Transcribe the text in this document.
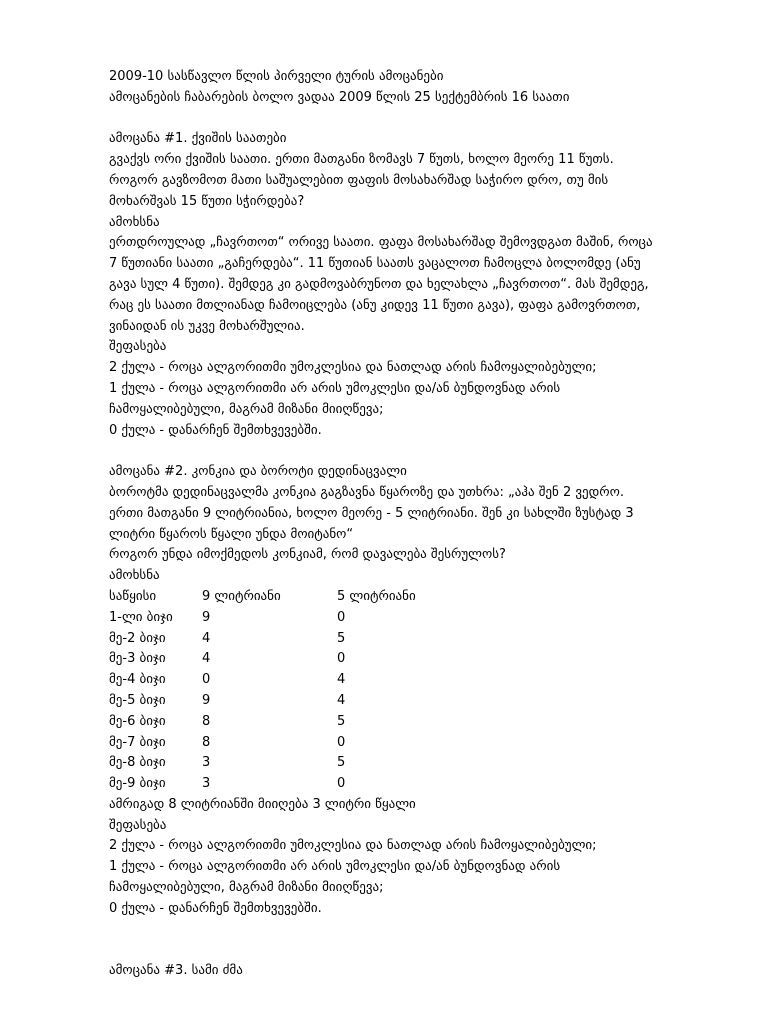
2009-10 სასწავლო წლის პირველი ტურის ამოცანები
ამოცანების ჩაბარების ბოლო ვადაა 2009 წლის 25 სექტემბრის 16 საათი
ამოცანა #1. ქვიშის საათები
გვაქვს ორი ქვიშის საათი. ერთი მათგანი ზომავს 7 წუთს, ხოლო მეორე 11 წუთს.
როგორ გავზომოთ მათი საშუალებით ფაფის მოსახარშად საჭირო დრო, თუ მის
მოხარშვას 15 წუთი სჭირდება?
ამოხსნა
ერთდროულად „ჩავრთოთ“ ორივე საათი. ფაფა მოსახარშად შემოვდგათ მაშინ, როცა
7 წუთიანი საათი „გაჩერდება“. 11 წუთიან საათს ვაცალოთ ჩამოცლა ბოლომდე (ანუ
გავა სულ 4 წუთი). შემდეგ კი გადმოვაბრუნოთ და ხელახლა „ჩავრთოთ“. მას შემდეგ,
რაც ეს საათი მთლიანად ჩამოიცლება (ანუ კიდევ 11 წუთი გავა), ფაფა გამოვრთოთ,
ვინაიდან ის უკვე მოხარშულია.
შეფასება
2 ქულა - როცა ალგორითმი უმოკლესია და ნათლად არის ჩამოყალიბებული;
1 ქულა - როცა ალგორითმი არ არის უმოკლესი და/ან ბუნდოვნად არის
ჩამოყალიბებული, მაგრამ მიზანი მიიღწევა;
0 ქულა - დანარჩენ შემთხვევებში.
ამოცანა #2. კონკია და ბოროტი დედინაცვალი
ბოროტმა დედინაცვალმა კონკია გაგზავნა წყაროზე და უთხრა: „აჰა შენ 2 ვედრო.
ერთი მათგანი 9 ლიტრიანია, ხოლო მეორე - 5 ლიტრიანი. შენ კი სახლში ზუსტად 3
ლიტრი წყაროს წყალი უნდა მოიტანო“
როგორ უნდა იმოქმედოს კონკიამ, რომ დავალება შესრულოს?
ამოხსნა
საწყისი	9 ლიტრიანი	5 ლიტრიანი
1-ლი ბიჯი	9	0
მე-2 ბიჯი	4	5
მე-3 ბიჯი	4	0
მე-4 ბიჯი	0	4
მე-5 ბიჯი	9	4
მე-6 ბიჯი	8	5
მე-7 ბიჯი	8	0
მე-8 ბიჯი	3	5
მე-9 ბიჯი	3	0
ამრიგად 8 ლიტრიანში მიიღება 3 ლიტრი წყალი
შეფასება
2 ქულა - როცა ალგორითმი უმოკლესია და ნათლად არის ჩამოყალიბებული;
1 ქულა - როცა ალგორითმი არ არის უმოკლესი და/ან ბუნდოვნად არის
ჩამოყალიბებული, მაგრამ მიზანი მიიღწევა;
0 ქულა - დანარჩენ შემთხვევებში.
ამოცანა #3. სამი ძმა
